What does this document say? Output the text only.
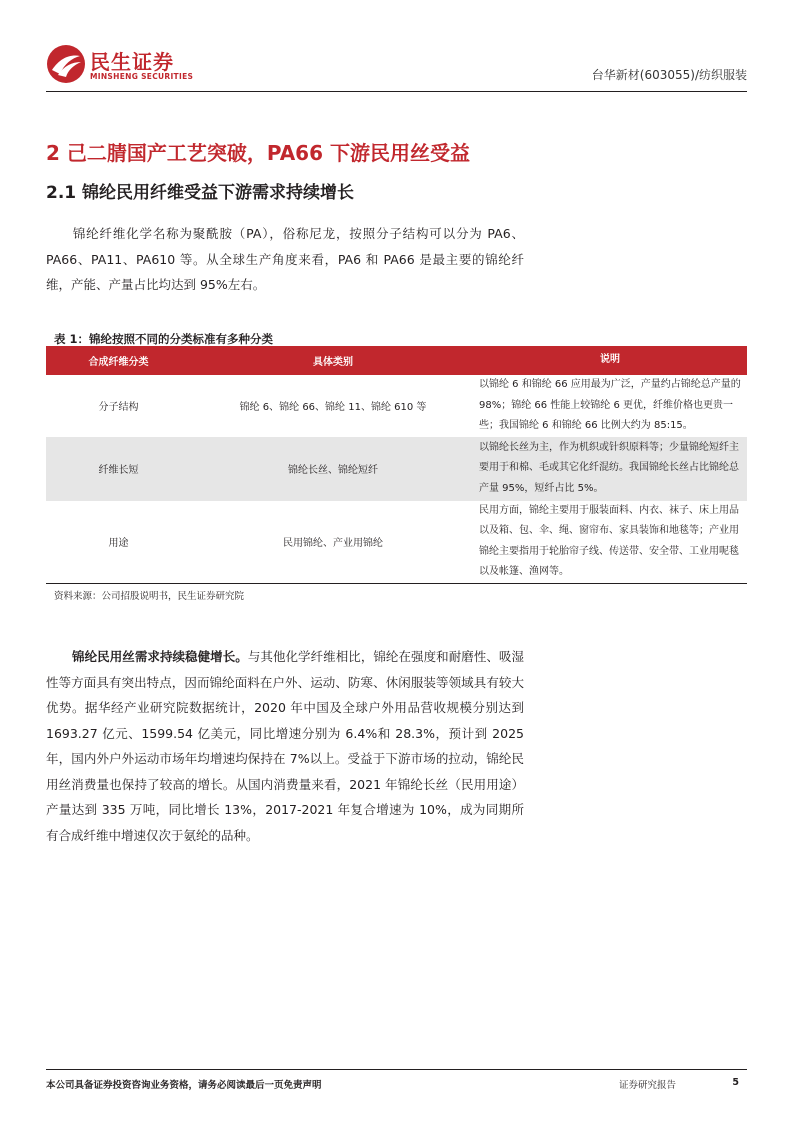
民生证券
MINSHENG SECURITIES	台华新材(603055)/纺织服装
2 己二腈国产工艺突破，PA66 下游民用丝受益
2.1 锦纶民用纤维受益下游需求持续增长
锦纶纤维化学名称为聚酰胺（PA），俗称尼龙，按照分子结构可以分为 PA6、PA66、PA11、PA610 等。从全球生产角度来看，PA6 和 PA66 是最主要的锦纶纤维，产能、产量占比均达到 95%左右。
表 1：锦纶按照不同的分类标准有多种分类
合成纤维分类	具体类别	说明
分子结构	锦纶 6、锦纶 66、锦纶 11、锦纶 610 等	以锦纶 6 和锦纶 66 应用最为广泛，产量约占锦纶总产量的 98%；锦纶 66 性能上较锦纶 6 更优，纤维价格也更贵一些；我国锦纶 6 和锦纶 66 比例大约为 85:15。
纤维长短	锦纶长丝、锦纶短纤	以锦纶长丝为主，作为机织或针织原料等；少量锦纶短纤主要用于和棉、毛或其它化纤混纺。我国锦纶长丝占比锦纶总产量 95%，短纤占比 5%。
用途	民用锦纶、产业用锦纶	民用方面，锦纶主要用于服装面料、内衣、袜子、床上用品以及箱、包、伞、绳、窗帘布、家具装饰和地毯等；产业用锦纶主要指用于轮胎帘子线、传送带、安全带、工业用呢毯以及帐篷、渔网等。
资料来源：公司招股说明书，民生证券研究院
锦纶民用丝需求持续稳健增长。与其他化学纤维相比，锦纶在强度和耐磨性、吸湿性等方面具有突出特点，因而锦纶面料在户外、运动、防寒、休闲服装等领域具有较大优势。据华经产业研究院数据统计，2020 年中国及全球户外用品营收规模分别达到 1693.27 亿元、1599.54 亿美元，同比增速分别为 6.4%和 28.3%，预计到 2025 年，国内外户外运动市场年均增速均保持在 7%以上。受益于下游市场的拉动，锦纶民用丝消费量也保持了较高的增长。从国内消费量来看，2021 年锦纶长丝（民用用途）产量达到 335 万吨，同比增长 13%，2017-2021 年复合增速为 10%，成为同期所有合成纤维中增速仅次于氨纶的品种。
本公司具备证券投资咨询业务资格，请务必阅读最后一页免责声明	证券研究报告	5
